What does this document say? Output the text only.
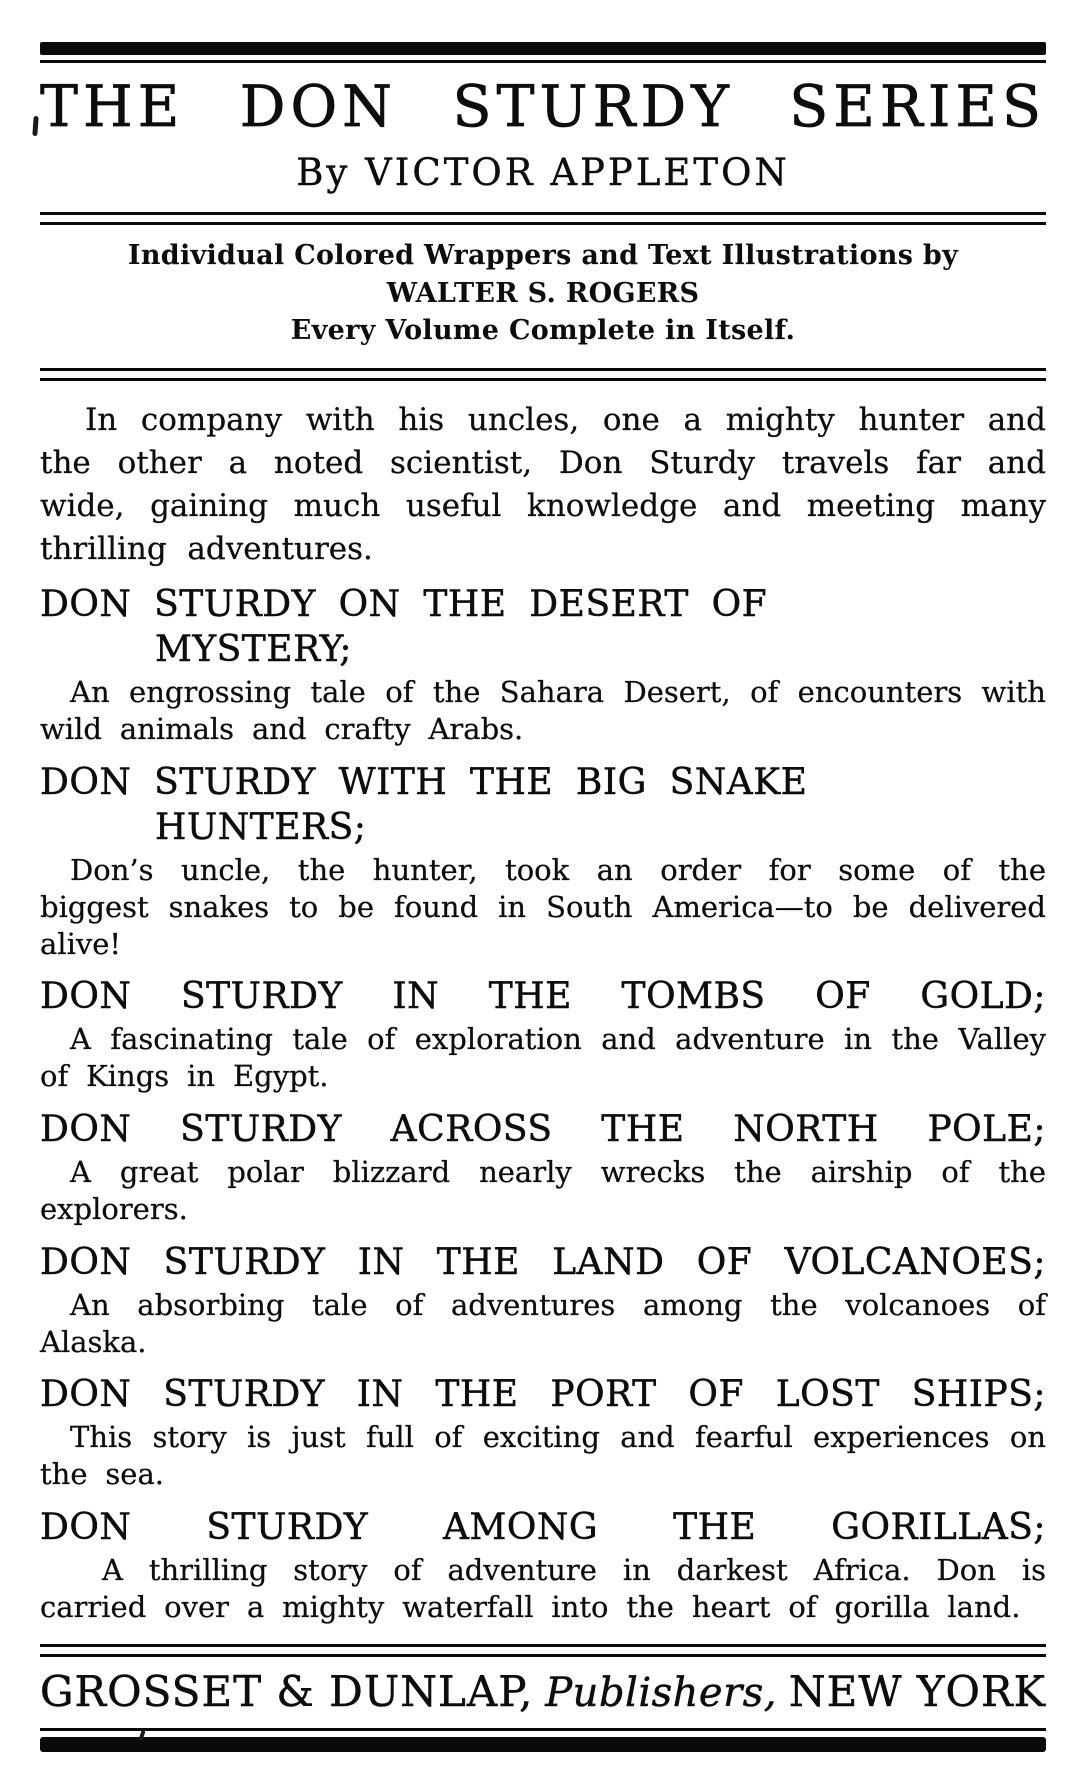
THE DON STURDY SERIES
By VICTOR APPLETON
Individual Colored Wrappers and Text Illustrations by
WALTER S. ROGERS
Every Volume Complete in Itself.

In company with his uncles, one a mighty hunter and the other a noted scientist, Don Sturdy travels far and wide, gaining much useful knowledge and meeting many thrilling adventures.

DON STURDY ON THE DESERT OF
MYSTERY;

An engrossing tale of the Sahara Desert, of encounters with wild animals and crafty Arabs.

DON STURDY WITH THE BIG SNAKE
HUNTERS;

Don’s uncle, the hunter, took an order for some of the biggest snakes to be found in South America—to be delivered alive!

DON STURDY IN THE TOMBS OF GOLD;

A fascinating tale of exploration and adventure in the Valley of Kings in Egypt.

DON STURDY ACROSS THE NORTH POLE;

A great polar blizzard nearly wrecks the airship of the explorers.

DON STURDY IN THE LAND OF VOLCANOES;

An absorbing tale of adventures among the volcanoes of Alaska.

DON STURDY IN THE PORT OF LOST SHIPS;

This story is just full of exciting and fearful experiences on the sea.

DON STURDY AMONG THE GORILLAS;

A thrilling story of adventure in darkest Africa. Don is carried over a mighty waterfall into the heart of gorilla land.

GROSSET & DUNLAP, Publishers, NEW YORK
